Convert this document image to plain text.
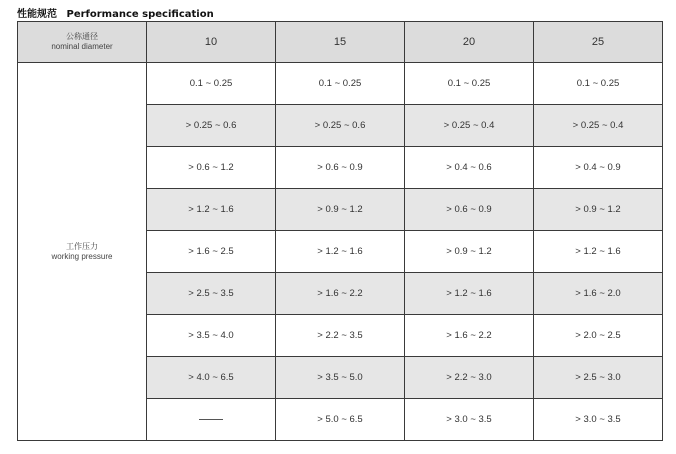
性能规范 Performance specification
公称通径
nominal diameter	10	15	20	25

工作压力
working pressure	0.1 ~ 0.25	0.1 ~ 0.25	0.1 ~ 0.25	0.1 ~ 0.25
	> 0.25 ~ 0.6	> 0.25 ~ 0.6	> 0.25 ~ 0.4	> 0.25 ~ 0.4
	> 0.6 ~ 1.2	> 0.6 ~ 0.9	> 0.4 ~ 0.6	> 0.4 ~ 0.9
	> 1.2 ~ 1.6	> 0.9 ~ 1.2	> 0.6 ~ 0.9	> 0.9 ~ 1.2
	> 1.6 ~ 2.5	> 1.2 ~ 1.6	> 0.9 ~ 1.2	> 1.2 ~ 1.6
	> 2.5 ~ 3.5	> 1.6 ~ 2.2	> 1.2 ~ 1.6	> 1.6 ~ 2.0
	> 3.5 ~ 4.0	> 2.2 ~ 3.5	> 1.6 ~ 2.2	> 2.0 ~ 2.5
	> 4.0 ~ 6.5	> 3.5 ~ 5.0	> 2.2 ~ 3.0	> 2.5 ~ 3.0
		> 5.0 ~ 6.5	> 3.0 ~ 3.5	> 3.0 ~ 3.5
